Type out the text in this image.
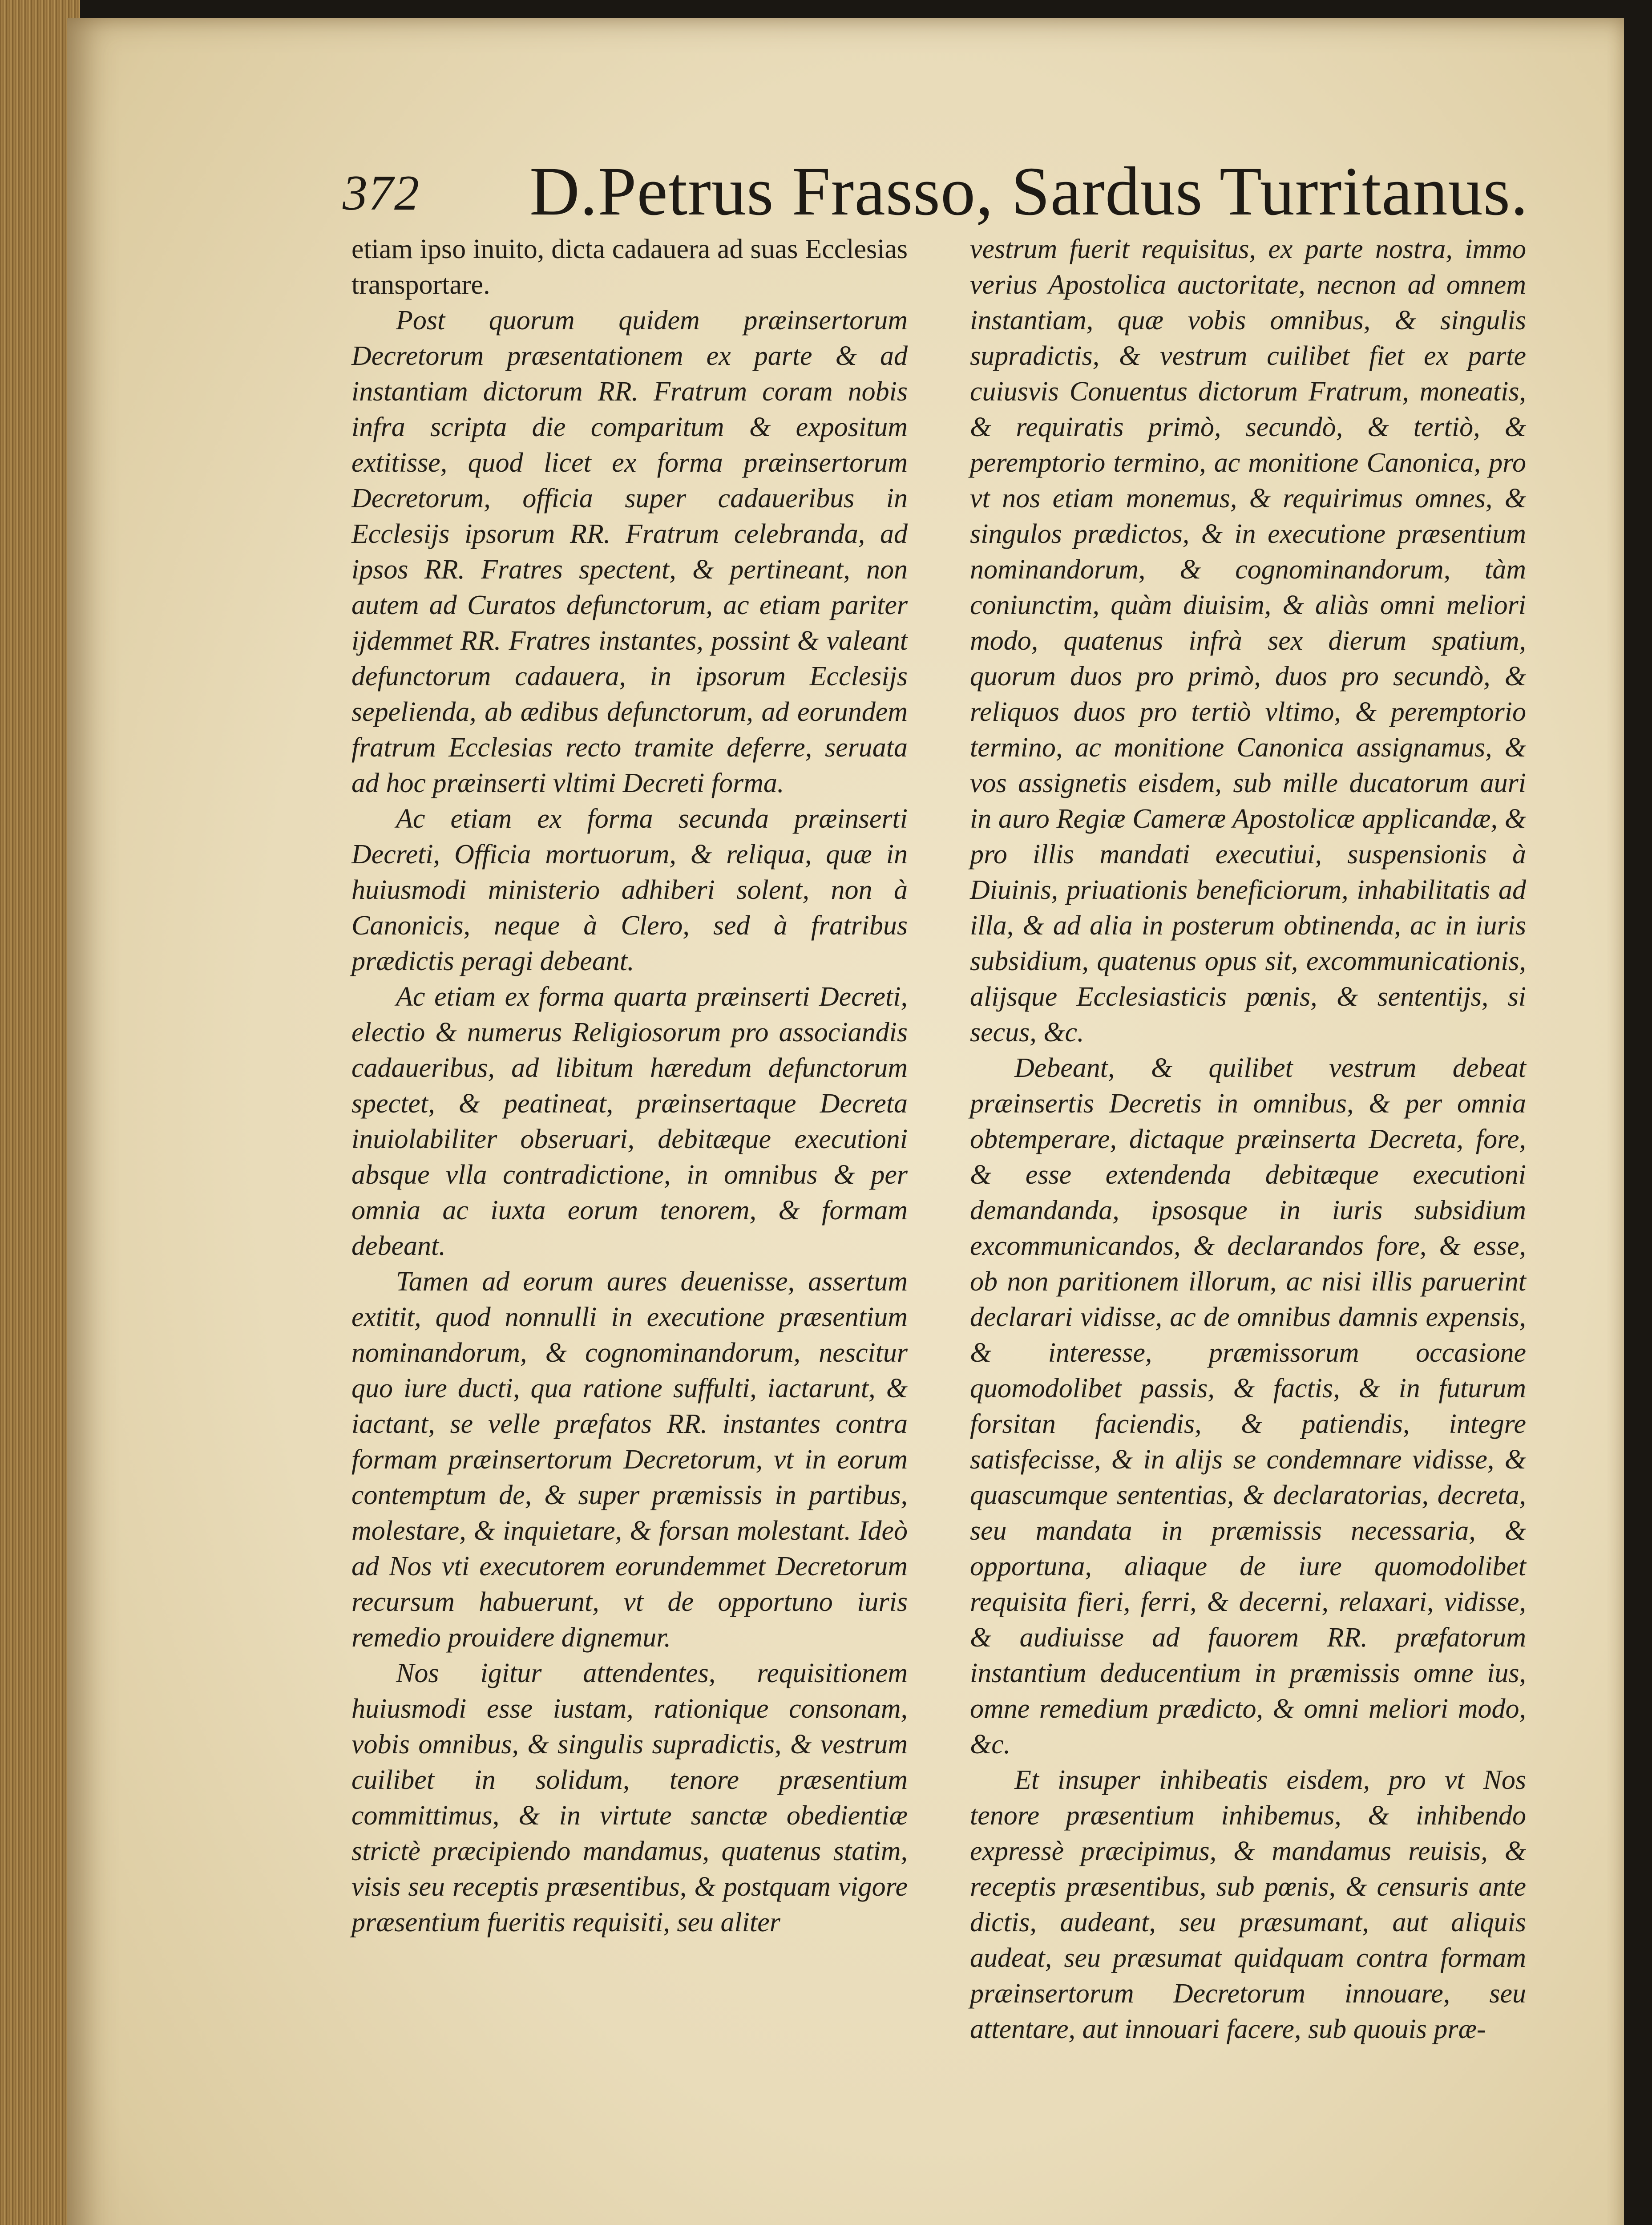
372 D.Petrus Frasso, Sardus Turritanus.

etiam ipso inuito, dicta cadauera ad suas Ecclesias transportare.

Post quorum quidem præinsertorum Decretorum præsentationem ex parte & ad instantiam dictorum RR. Fratrum coram nobis infra scripta die comparitum & expositum extitisse, quod licet ex forma præinsertorum Decretorum, officia super cadaueribus in Ecclesijs ipsorum RR. Fratrum celebranda, ad ipsos RR. Fratres spectent, & pertineant, non autem ad Curatos defunctorum, ac etiam pariter ijdemmet RR. Fratres instantes, possint & valeant defunctorum cadauera, in ipsorum Ecclesijs sepelienda, ab ædibus defunctorum, ad eorundem fratrum Ecclesias recto tramite deferre, seruata ad hoc præinserti vltimi Decreti forma.

Ac etiam ex forma secunda præinserti Decreti, Officia mortuorum, & reliqua, quæ in huiusmodi ministerio adhiberi solent, non à Canonicis, neque à Clero, sed à fratribus prædictis peragi debeant.

Ac etiam ex forma quarta præinserti Decreti, electio & numerus Religiosorum pro associandis cadaueribus, ad libitum hæredum defunctorum spectet, & peatineat, præinsertaque Decreta inuiolabiliter obseruari, debitæque executioni absque vlla contradictione, in omnibus & per omnia ac iuxta eorum tenorem, & formam debeant.

Tamen ad eorum aures deuenisse, assertum extitit, quod nonnulli in executione præsentium nominandorum, & cognominandorum, nescitur quo iure ducti, qua ratione suffulti, iactarunt, & iactant, se velle præfatos RR. instantes contra formam præinsertorum Decretorum, vt in eorum contemptum de, & super præmissis in partibus, molestare, & inquietare, & forsan molestant. Ideò ad Nos vti executorem eorundemmet Decretorum recursum habuerunt, vt de opportuno iuris remedio prouidere dignemur.

Nos igitur attendentes, requisitionem huiusmodi esse iustam, rationique consonam, vobis omnibus, & singulis supradictis, & vestrum cuilibet in solidum, tenore præsentium committimus, & in virtute sanctæ obedientiæ strictè præcipiendo mandamus, quatenus statim, visis seu receptis præsentibus, & postquam vigore præsentium fueritis requisiti, seu aliter

vestrum fuerit requisitus, ex parte nostra, immo verius Apostolica auctoritate, necnon ad omnem instantiam, quæ vobis omnibus, & singulis supradictis, & vestrum cuilibet fiet ex parte cuiusvis Conuentus dictorum Fratrum, moneatis, & requiratis primò, secundò, & tertiò, & peremptorio termino, ac monitione Canonica, pro vt nos etiam monemus, & requirimus omnes, & singulos prædictos, & in executione præsentium nominandorum, & cognominandorum, tàm coniunctim, quàm diuisim, & aliàs omni meliori modo, quatenus infrà sex dierum spatium, quorum duos pro primò, duos pro secundò, & reliquos duos pro tertiò vltimo, & peremptorio termino, ac monitione Canonica assignamus, & vos assignetis eisdem, sub mille ducatorum auri in auro Regiæ Cameræ Apostolicæ applicandæ, & pro illis mandati executiui, suspensionis à Diuinis, priuationis beneficiorum, inhabilitatis ad illa, & ad alia in posterum obtinenda, ac in iuris subsidium, quatenus opus sit, excommunicationis, alijsque Ecclesiasticis pœnis, & sententijs, si secus, &c.

Debeant, & quilibet vestrum debeat præinsertis Decretis in omnibus, & per omnia obtemperare, dictaque præinserta Decreta, fore, & esse extendenda debitæque executioni demandanda, ipsosque in iuris subsidium excommunicandos, & declarandos fore, & esse, ob non paritionem illorum, ac nisi illis paruerint declarari vidisse, ac de omnibus damnis expensis, & interesse, præmissorum occasione quomodolibet passis, & factis, & in futurum forsitan faciendis, & patiendis, integre satisfecisse, & in alijs se condemnare vidisse, & quascumque sententias, & declaratorias, decreta, seu mandata in præmissis necessaria, & opportuna, aliaque de iure quomodolibet requisita fieri, ferri, & decerni, relaxari, vidisse, & audiuisse ad fauorem RR. præfatorum instantium deducentium in præmissis omne ius, omne remedium prædicto, & omni meliori modo, &c.

Et insuper inhibeatis eisdem, pro vt Nos tenore præsentium inhibemus, & inhibendo expressè præcipimus, & mandamus reuisis, & receptis præsentibus, sub pœnis, & censuris ante dictis, audeant, seu præsumant, aut aliquis audeat, seu præsumat quidquam contra formam præinsertorum Decretorum innouare, seu attentare, aut innouari facere, sub quouis præ-
